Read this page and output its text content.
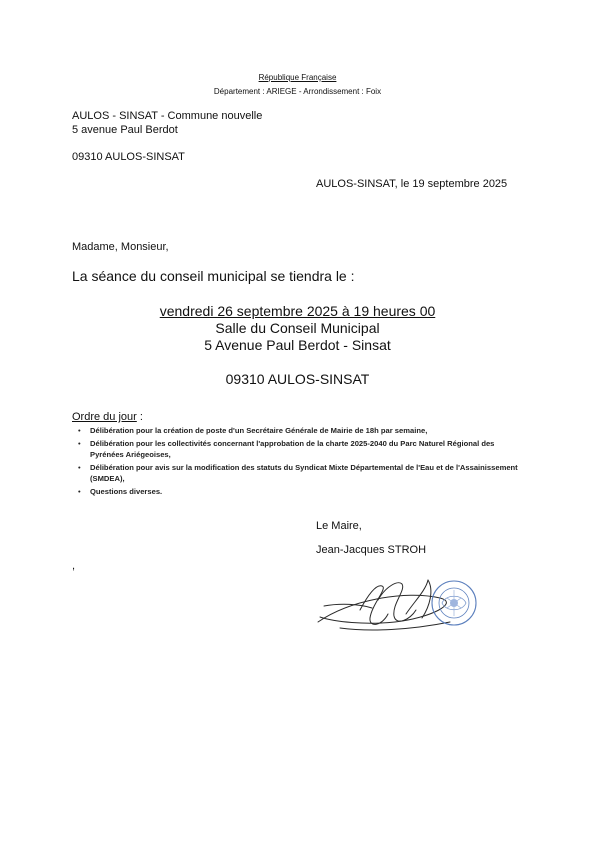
République Française
Département : ARIEGE - Arrondissement : Foix
AULOS - SINSAT - Commune nouvelle
5 avenue Paul Berdot
09310 AULOS-SINSAT
AULOS-SINSAT, le 19 septembre 2025
Madame, Monsieur,
La séance du conseil municipal se tiendra le :
vendredi 26 septembre 2025 à 19 heures 00
Salle du Conseil Municipal
5 Avenue Paul Berdot - Sinsat
09310 AULOS-SINSAT
Ordre du jour :
• Délibération pour la création de poste d'un Secrétaire Générale de Mairie de 18h par semaine,
• Délibération pour les collectivités concernant l'approbation de la charte 2025-2040 du Parc Naturel Régional des Pyrénées Ariégeoises,
• Délibération pour avis sur la modification des statuts du Syndicat Mixte Départemental de l'Eau et de l'Assainissement (SMDEA),
• Questions diverses.
Le Maire,
Jean-Jacques STROH
,
